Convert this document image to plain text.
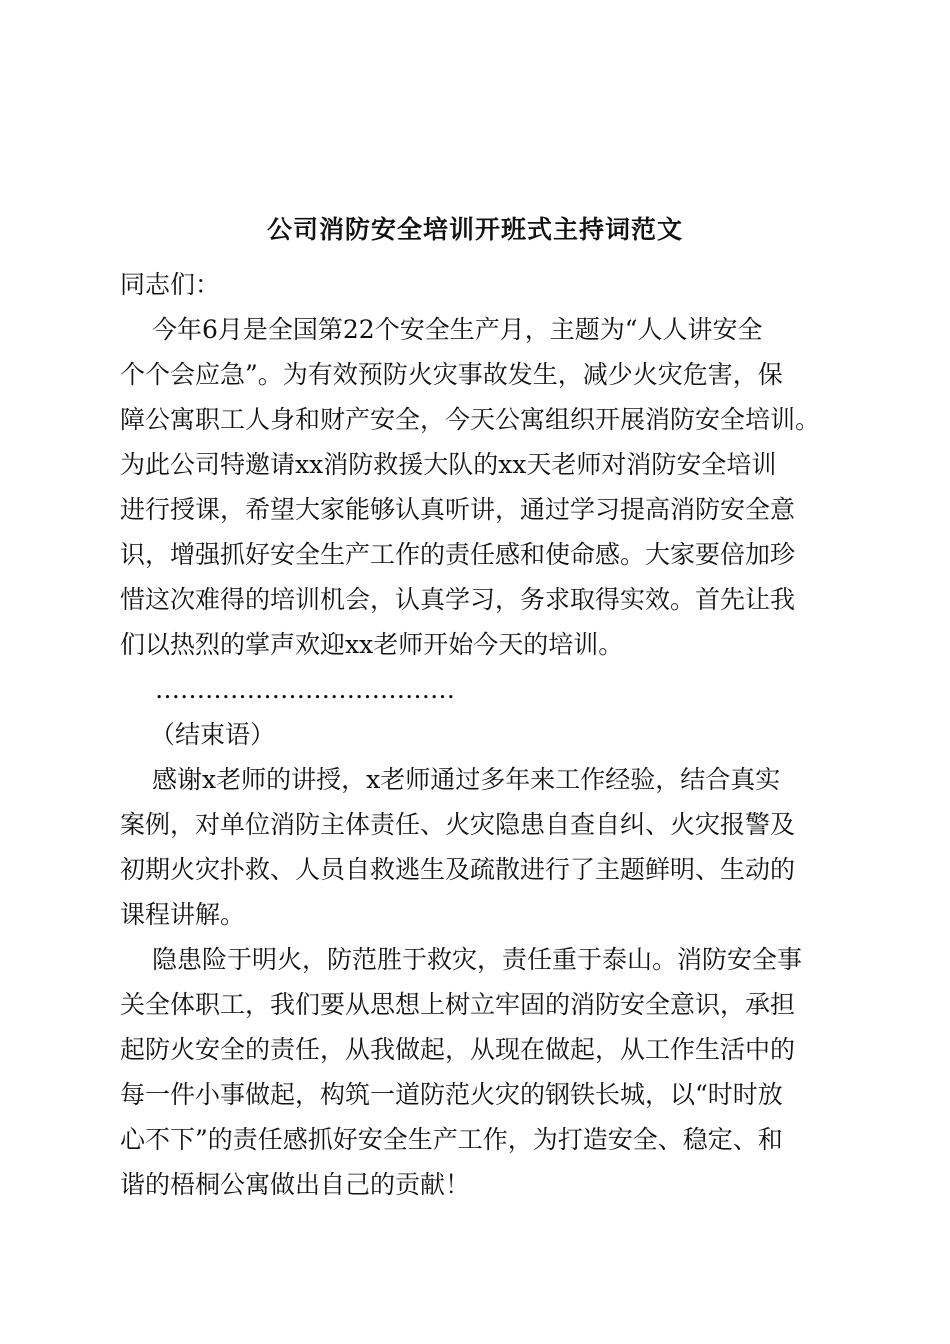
公司消防安全培训开班式主持词范文
同志们：
今年6月是全国第22个安全生产月，主题为“人人讲安全
个个会应急”。为有效预防火灾事故发生，减少火灾危害，保
障公寓职工人身和财产安全，今天公寓组织开展消防安全培训。
为此公司特邀请xx消防救援大队的xx天老师对消防安全培训
进行授课，希望大家能够认真听讲，通过学习提高消防安全意
识，增强抓好安全生产工作的责任感和使命感。大家要倍加珍
惜这次难得的培训机会，认真学习，务求取得实效。首先让我
们以热烈的掌声欢迎xx老师开始今天的培训。
………………………………
（结束语）
感谢x老师的讲授，x老师通过多年来工作经验，结合真实
案例，对单位消防主体责任、火灾隐患自查自纠、火灾报警及
初期火灾扑救、人员自救逃生及疏散进行了主题鲜明、生动的
课程讲解。
隐患险于明火，防范胜于救灾，责任重于泰山。消防安全事
关全体职工，我们要从思想上树立牢固的消防安全意识，承担
起防火安全的责任，从我做起，从现在做起，从工作生活中的
每一件小事做起，构筑一道防范火灾的钢铁长城，以“时时放
心不下”的责任感抓好安全生产工作，为打造安全、稳定、和
谐的梧桐公寓做出自己的贡献！
